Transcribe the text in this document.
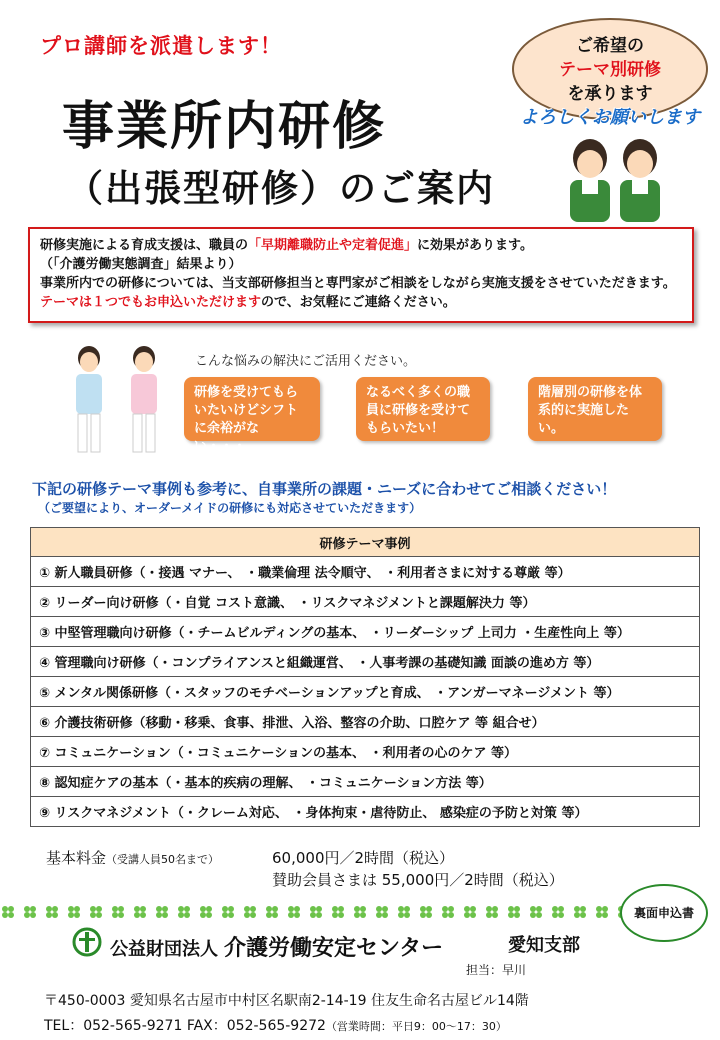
プロ講師を派遣します！
事業所内研修
（出張型研修）のご案内
ご希望の
テーマ別研修
を承ります
よろしくお願いします
研修実施による育成支援は、職員の「早期離職防止や定着促進」に効果があります。
（「介護労働実態調査」結果より）
事業所内での研修については、当支部研修担当と専門家がご相談をしながら実施支援をさせていただきます。
テーマは１つでもお申込いただけますので、お気軽にご連絡ください。
こんな悩みの解決にご活用ください。
研修を受けてもらいたいけどシフトに余裕がない・・・
なるべく多くの職員に研修を受けてもらいたい！
階層別の研修を体系的に実施したい。
下記の研修テーマ事例も参考に、自事業所の課題・ニーズに合わせてご相談ください！
（ご要望により、オーダーメイドの研修にも対応させていただきます）
研修テーマ事例
① 新人職員研修（・接遇 マナー、 ・職業倫理 法令順守、 ・利用者さまに対する尊厳 等）
② リーダー向け研修（・自覚 コスト意識、 ・リスクマネジメントと課題解決力 等）
③ 中堅管理職向け研修（・チームビルディングの基本、 ・リーダーシップ 上司力 ・生産性向上 等）
④ 管理職向け研修（・コンプライアンスと組織運営、 ・人事考課の基礎知識 面談の進め方 等）
⑤ メンタル関係研修（・スタッフのモチベーションアップと育成、 ・アンガーマネージメント 等）
⑥ 介護技術研修（移動・移乗、食事、排泄、入浴、整容の介助、口腔ケア 等 組合せ）
⑦ コミュニケーション（・コミュニケーションの基本、 ・利用者の心のケア 等）
⑧ 認知症ケアの基本（・基本的疾病の理解、 ・コミュニケーション方法 等）
⑨ リスクマネジメント（・クレーム対応、 ・身体拘束・虐待防止、 感染症の予防と対策 等）
基本料金（受講人員50名まで）	60,000円／2時間（税込）
賛助会員さまは 55,000円／2時間（税込）
裏面申込書
公益財団法人 介護労働安定センター	愛知支部
担当：早川
〒450-0003 愛知県名古屋市中村区名駅南2-14-19 住友生命名古屋ビル14階
TEL：052-565-9271 FAX：052-565-9272（営業時間：平日9：00～17：30）
